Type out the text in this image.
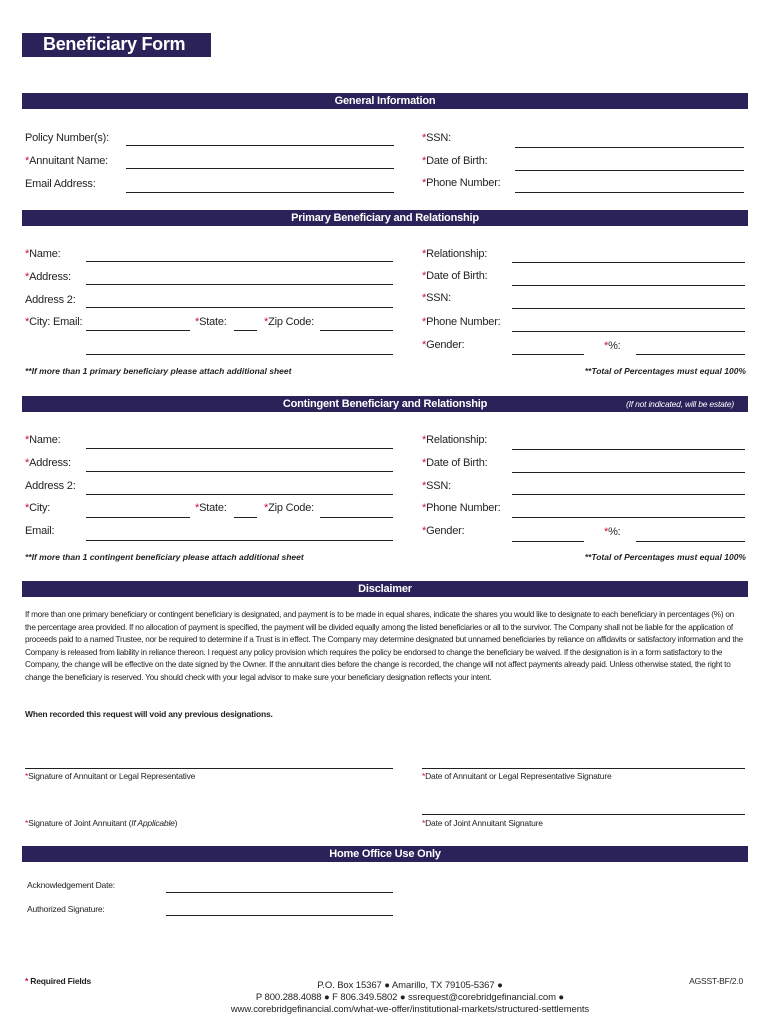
Beneficiary Form
General Information
Policy Number(s):
*Annuitant Name:
Email Address:
*SSN:
*Date of Birth:
*Phone Number:
Primary Beneficiary and Relationship
*Name:
*Address:
Address 2:
*City: Email:	*State:	*Zip Code:
*Relationship:
*Date of Birth:
*SSN:
*Phone Number:
*Gender:	*%:
**If more than 1 primary beneficiary please attach additional sheet	**Total of Percentages must equal 100%
Contingent Beneficiary and Relationship	(If not indicated, will be estate)
*Name:
*Address:
Address 2:
*City:	*State:	*Zip Code:
Email:
*Relationship:
*Date of Birth:
*SSN:
*Phone Number:
*Gender:	*%:
**If more than 1 contingent beneficiary please attach additional sheet	**Total of Percentages must equal 100%
Disclaimer
If more than one primary beneficiary or contingent beneficiary is designated, and payment is to be made in equal shares, indicate the shares you would like to designate to each beneficiary in percentages (%) on the percentage area provided. If no allocation of payment is specified, the payment will be divided equally among the listed beneficiaries or all to the survivor. The Company shall not be liable for the application of proceeds paid to a named Trustee, nor be required to determine if a Trust is in effect. The Company may determine designated but unnamed beneficiaries by reliance on affidavits or satisfactory information and the Company is released from liability in reliance thereon. I request any policy provision which requires the policy be endorsed to change the beneficiary be waived. If the designation is in a form satisfactory to the Company, the change will be effective on the date signed by the Owner. If the annuitant dies before the change is recorded, the change will not affect payments already paid. Unless otherwise stated, the right to change the beneficiary is reserved. You should check with your legal advisor to make sure your beneficiary designation reflects your intent.
When recorded this request will void any previous designations.
*Signature of Annuitant or Legal Representative	*Date of Annuitant or Legal Representative Signature
*Signature of Joint Annuitant (If Applicable)	*Date of Joint Annuitant Signature
Home Office Use Only
Acknowledgement Date:
Authorized Signature:
* Required Fields	AGSST-BF/2.0
P.O. Box 15367 ● Amarillo, TX 79105-5367 ●
P 800.288.4088 ● F 806.349.5802 ● ssrequest@corebridgefinancial.com ●
www.corebridgefinancial.com/what-we-offer/institutional-markets/structured-settlements
